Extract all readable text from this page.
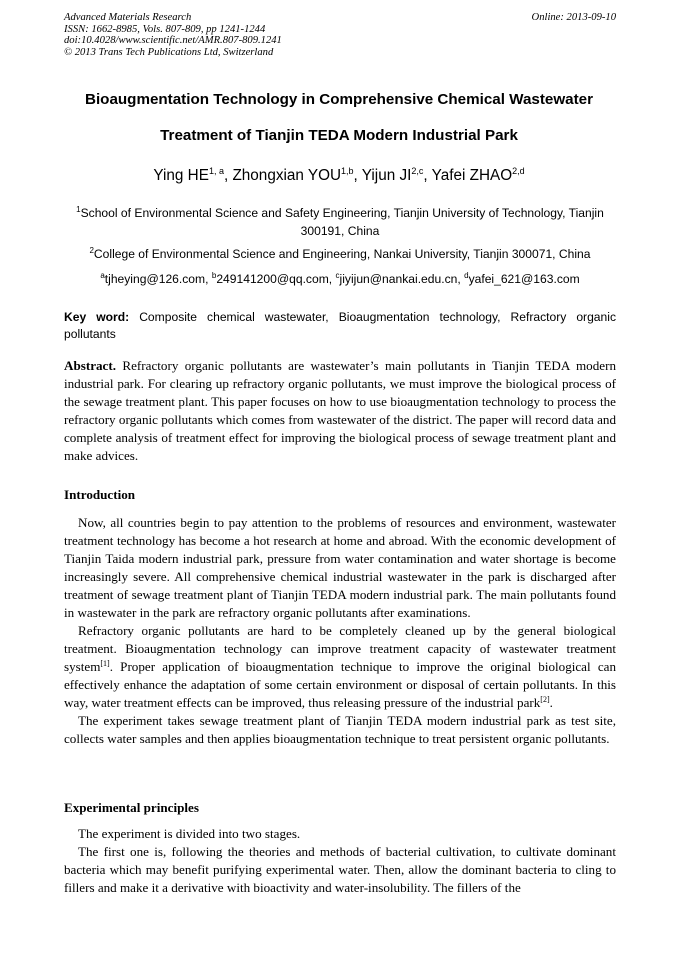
Advanced Materials Research
ISSN: 1662-8985, Vols. 807-809, pp 1241-1244
doi:10.4028/www.scientific.net/AMR.807-809.1241
© 2013 Trans Tech Publications Ltd, Switzerland
Online: 2013-09-10
Bioaugmentation Technology in Comprehensive Chemical Wastewater
Treatment of Tianjin TEDA Modern Industrial Park
Ying HE$^{1, a}$, Zhongxian YOU$^{1,b}$, Yijun JI$^{2,c}$, Yafei ZHAO$^{2,d}$
$^1$School of Environmental Science and Safety Engineering, Tianjin University of Technology, Tianjin 300191, China
$^2$College of Environmental Science and Engineering, Nankai University, Tianjin 300071, China
$^a$tjheying@126.com, $^b$249141200@qq.com, $^c$jiyijun@nankai.edu.cn, $^d$yafei_621@163.com
Key word: Composite chemical wastewater, Bioaugmentation technology, Refractory organic pollutants

Abstract. Refractory organic pollutants are wastewater’s main pollutants in Tianjin TEDA modern industrial park. For clearing up refractory organic pollutants, we must improve the biological process of the sewage treatment plant. This paper focuses on how to use bioaugmentation technology to process the refractory organic pollutants which comes from wastewater of the district. The paper will record data and complete analysis of treatment effect for improving the biological process of sewage treatment plant and make advices.

Introduction

Now, all countries begin to pay attention to the problems of resources and environment, wastewater treatment technology has become a hot research at home and abroad. With the economic development of Tianjin Taida modern industrial park, pressure from water contamination and water shortage is become increasingly severe. All comprehensive chemical industrial wastewater in the park is discharged after treatment of sewage treatment plant of Tianjin TEDA modern industrial park. The main pollutants found in wastewater in the park are refractory organic pollutants after examinations.

Refractory organic pollutants are hard to be completely cleaned up by the general biological treatment. Bioaugmentation technology can improve treatment capacity of wastewater treatment system[1]. Proper application of bioaugmentation technique to improve the original biological can effectively enhance the adaptation of some certain environment or disposal of certain pollutants. In this way, water treatment effects can be improved, thus releasing pressure of the industrial park[2].

The experiment takes sewage treatment plant of Tianjin TEDA modern industrial park as test site, collects water samples and then applies bioaugmentation technique to treat persistent organic pollutants.

Experimental principles

The experiment is divided into two stages.

The first one is, following the theories and methods of bacterial cultivation, to cultivate dominant bacteria which may benefit purifying experimental water. Then, allow the dominant bacteria to cling to fillers and make it a derivative with bioactivity and water-insolubility. The fillers of the
